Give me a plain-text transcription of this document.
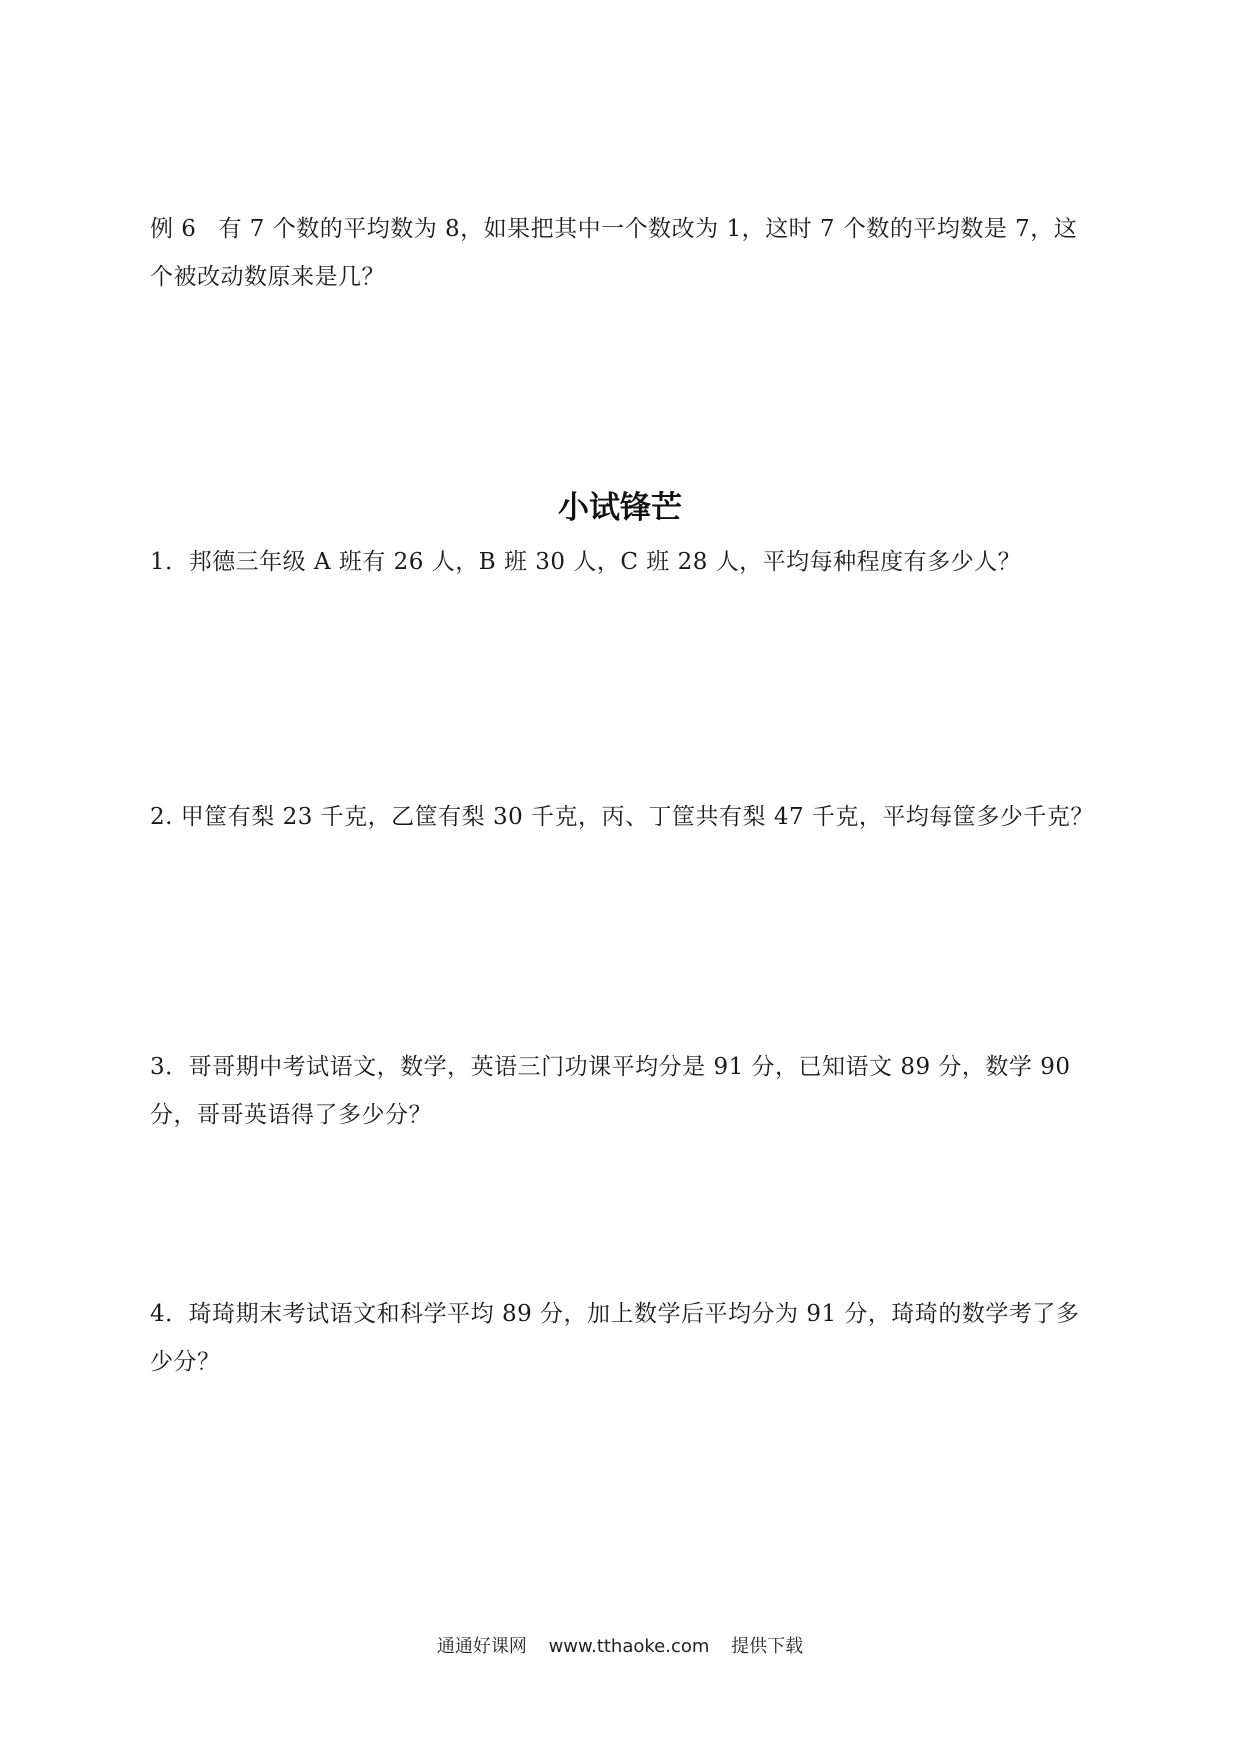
例 6 有 7 个数的平均数为 8，如果把其中一个数改为 1，这时 7 个数的平均数是 7，这个被改动数原来是几？

小试锋芒

1．邦德三年级 A 班有 26 人，B 班 30 人，C 班 28 人，平均每种程度有多少人？

2. 甲筐有梨 23 千克，乙筐有梨 30 千克，丙、丁筐共有梨 47 千克，平均每筐多少千克？

3．哥哥期中考试语文，数学，英语三门功课平均分是 91 分，已知语文 89 分，数学 90 分，哥哥英语得了多少分？

4．琦琦期末考试语文和科学平均 89 分，加上数学后平均分为 91 分，琦琦的数学考了多少分？

通通好课网 www.tthaoke.com 提供下载
